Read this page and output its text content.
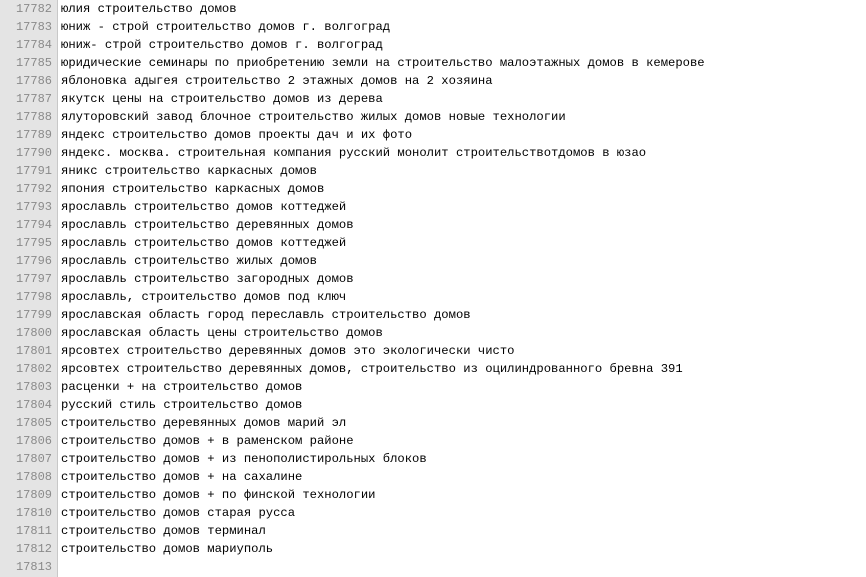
17782
17783
17784
17785
17786
17787
17788
17789
17790
17791
17792
17793
17794
17795
17796
17797
17798
17799
17800
17801
17802
17803
17804
17805
17806
17807
17808
17809
17810
17811
17812
17813
юлия строительство домов
юниж - строй строительство домов г. волгоград
юниж- строй строительство домов г. волгоград
юридические семинары по приобретению земли на строительство малоэтажных домов в кемерове
яблоновка адыгея строительство 2 этажных домов на 2 хозяина
якутск цены на строительство домов из дерева
ялуторовский завод блочное строительство жилых домов новые технологии
яндекс строительство домов проекты дач и их фото
яндекс. москва. строительная компания русский монолит строительствотдомов в юзао
яникс строительство каркасных домов
япония строительство каркасных домов
ярославль строительство домов коттеджей
ярославль строительство деревянных домов
ярославль строительство домов коттеджей
ярославль строительство жилых домов
ярославль строительство загородных домов
ярославль, строительство домов под ключ
ярославская область город переславль строительство домов
ярославская область цены строительство домов
ярсовтех строительство деревянных домов это экологически чисто
ярсовтех строительство деревянных домов, строительство из оцилиндрованного бревна 391
расценки + на строительство домов
русский стиль строительство домов
строительство деревянных домов марий эл
строительство домов + в раменском районе
строительство домов + из пенополистирольных блоков
строительство домов + на сахалине
строительство домов + по финской технологии
строительство домов старая русса
строительство домов терминал
строительство домов мариуполь
